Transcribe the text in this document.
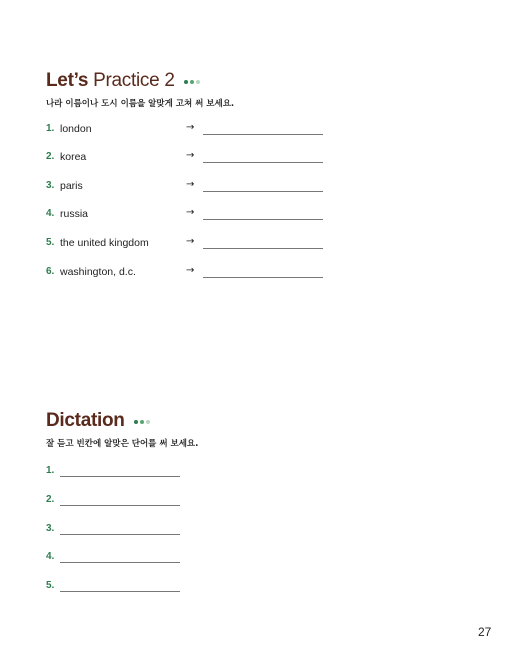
Let’s Practice 2
나라 이름이나 도시 이름을 알맞게 고쳐 써 보세요.
1. london	→
2. korea	→
3. paris	→
4. russia	→
5. the united kingdom	→
6. washington, d.c.	→
Dictation
잘 듣고 빈칸에 알맞은 단어를 써 보세요.
1.
2.
3.
4.
5.
27
